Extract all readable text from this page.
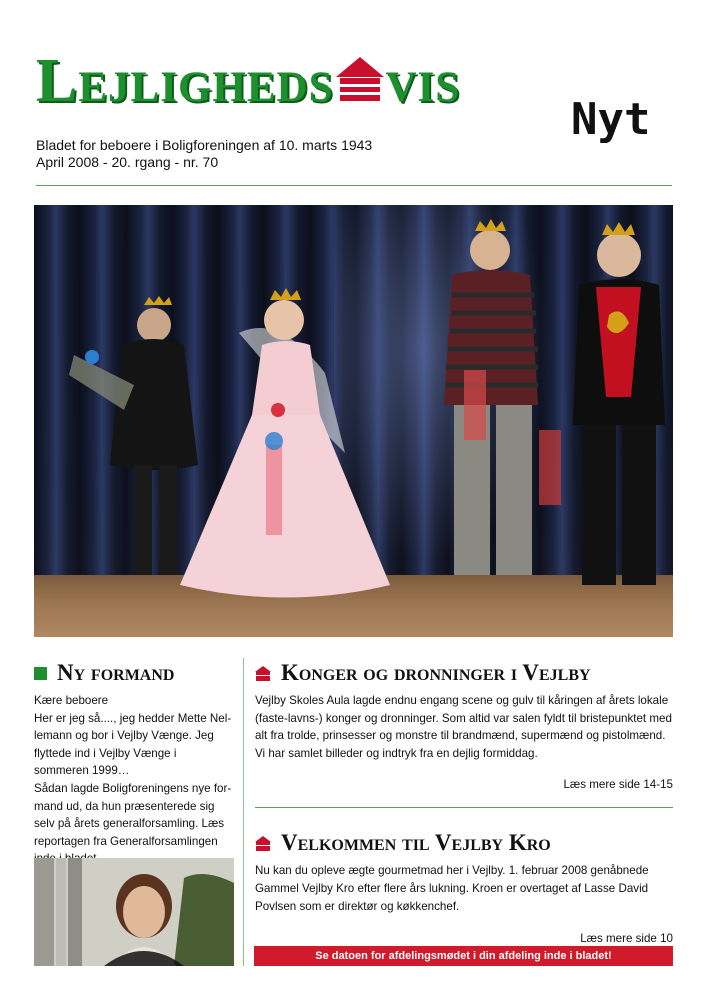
Lejligheds vis
Nyt
Bladet for beboere i Boligforeningen af 10. marts 1943
April 2008 - 20. rgang - nr. 70
Ny formand

Kære beboere

Her er jeg så...., jeg hedder Mette Nel-lemann og bor i Vejlby Vænge. Jeg flyttede ind i Vejlby Vænge i sommeren 1999…

Sådan lagde Boligforeningens nye for-mand ud, da hun præsenterede sig selv på årets generalforsamling. Læs reportagen fra Generalforsamlingen

Konger og dronninger i Vejlby

Vejlby Skoles Aula lagde endnu engang scene og gulv til kåringen af årets lokale (faste-lavns-) konger og dronninger. Som altid var salen fyldt til bristepunktet med alt fra trolde, prinsesser og monstre til brandmænd, supermænd og pistolmænd.

Vi har samlet billeder og indtryk fra en dejlig formiddag.

Læs mere side 14-15
Velkommen til Vejlby Kro

Nu kan du opleve ægte gourmetmad her i Vejlby. 1. februar 2008 genåbnede Gammel Vejlby Kro efter flere års lukning. Kroen er overtaget af Lasse David Povlsen som er direktør og køkkenchef.

Læs mere side 10
Se datoen for afdelingsmødet i din afdeling inde i bladet!
